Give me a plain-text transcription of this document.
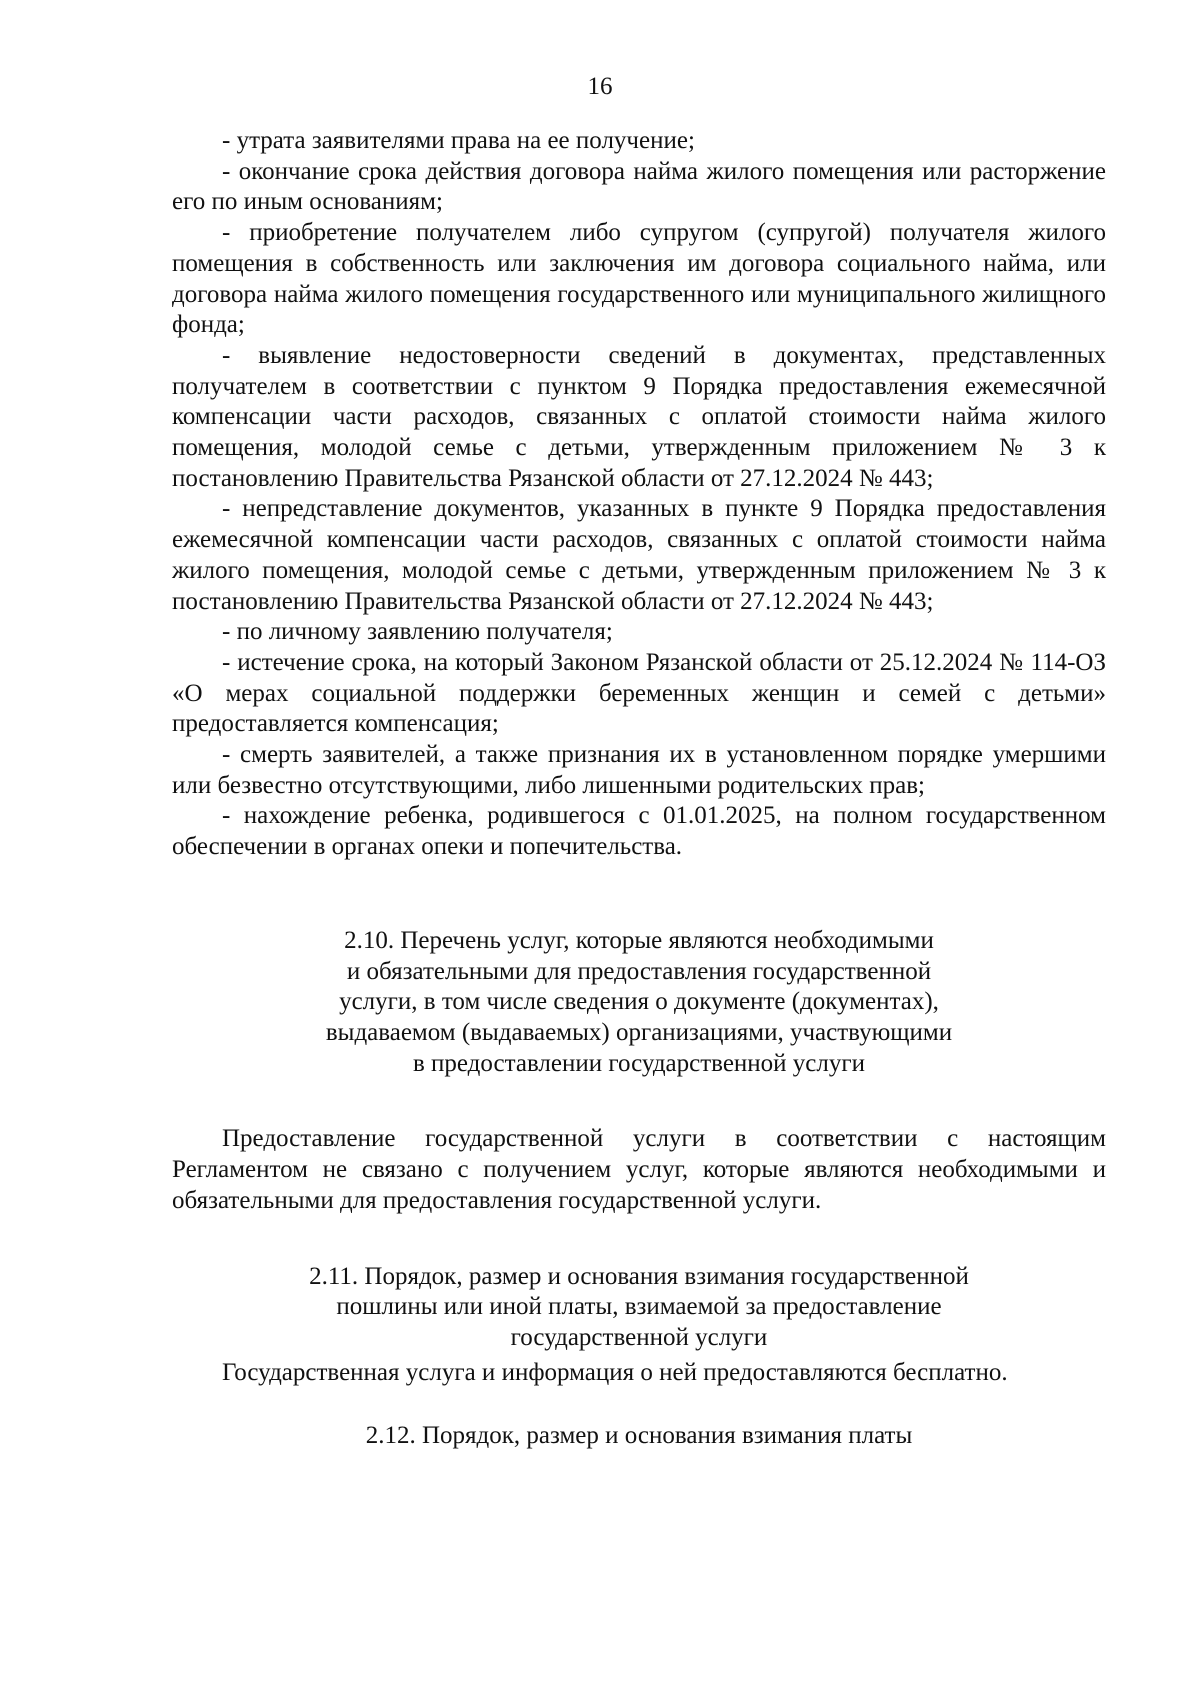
16

- утрата заявителями права на ее получение;

- окончание срока действия договора найма жилого помещения или расторжение его по иным основаниям;

- приобретение получателем либо супругом (супругой) получателя жилого помещения в собственность или заключения им договора социального найма, или договора найма жилого помещения государственного или муниципального жилищного фонда;

- выявление недостоверности сведений в документах, представленных получателем в соответствии с пунктом 9 Порядка предоставления ежемесячной компенсации части расходов, связанных с оплатой стоимости найма жилого помещения, молодой семье с детьми, утвержденным приложением № 3 к постановлению Правительства Рязанской области от 27.12.2024 № 443;

- непредставление документов, указанных в пункте 9 Порядка предоставления ежемесячной компенсации части расходов, связанных с оплатой стоимости найма жилого помещения, молодой семье с детьми, утвержденным приложением № 3 к постановлению Правительства Рязанской области от 27.12.2024 № 443;

- по личному заявлению получателя;

- истечение срока, на который Законом Рязанской области от 25.12.2024 № 114-ОЗ «О мерах социальной поддержки беременных женщин и семей с детьми» предоставляется компенсация;

- смерть заявителей, а также признания их в установленном порядке умершими или безвестно отсутствующими, либо лишенными родительских прав;

- нахождение ребенка, родившегося с 01.01.2025, на полном государственном обеспечении в органах опеки и попечительства.

2.10. Перечень услуг, которые являются необходимыми
и обязательными для предоставления государственной
услуги, в том числе сведения о документе (документах),
выдаваемом (выдаваемых) организациями, участвующими
в предоставлении государственной услуги

Предоставление государственной услуги в соответствии с настоящим Регламентом не связано с получением услуг, которые являются необходимыми и обязательными для предоставления государственной услуги.

2.11. Порядок, размер и основания взимания государственной
пошлины или иной платы, взимаемой за предоставление
государственной услуги

Государственная услуга и информация о ней предоставляются бесплатно.

2.12. Порядок, размер и основания взимания платы
